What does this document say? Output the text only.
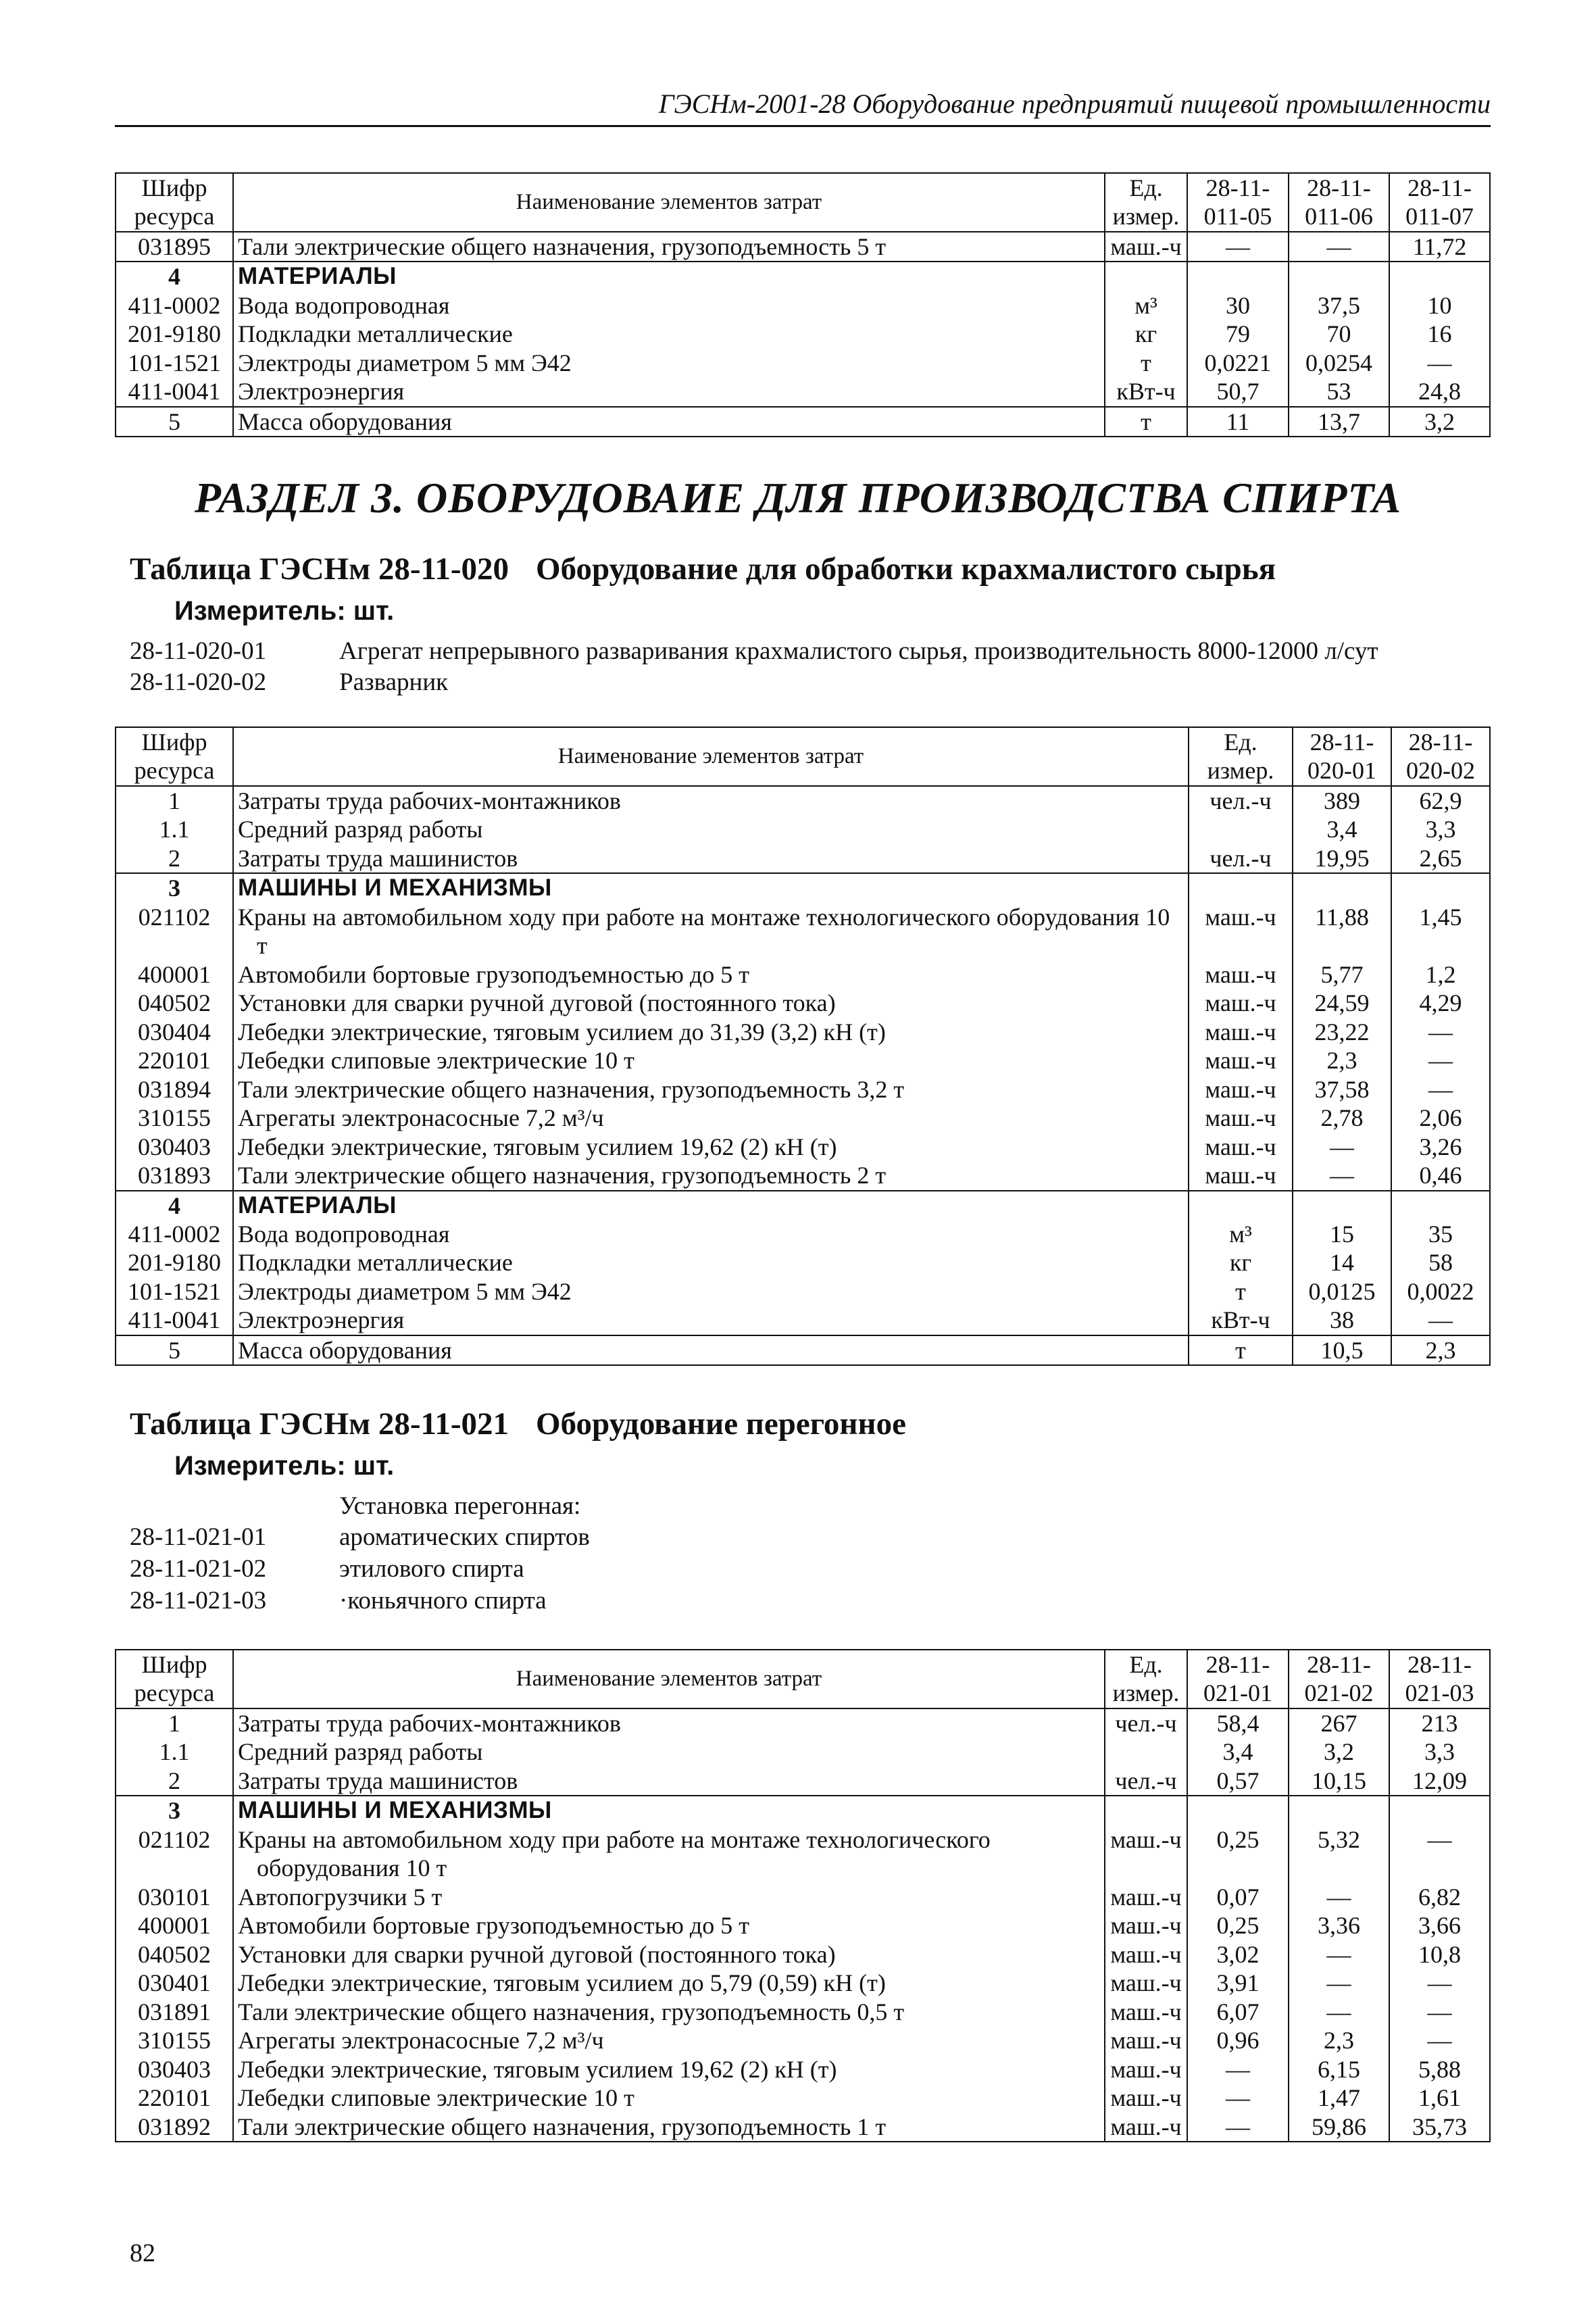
ГЭСНм-2001-28 Оборудование предприятий пищевой промышленности
Шифр ресурса	Наименование элементов затрат	Ед. измер.	28-11-011-05	28-11-011-06	28-11-011-07
031895	Тали электрические общего назначения, грузоподъемность 5 т	маш.-ч	—	—	11,72
4	МАТЕРИАЛЫ				
411-0002	Вода водопроводная	м³	30	37,5	10
201-9180	Подкладки металлические	кг	79	70	16
101-1521	Электроды диаметром 5 мм Э42	т	0,0221	0,0254	—
411-0041	Электроэнергия	кВт-ч	50,7	53	24,8
5	Масса оборудования	т	11	13,7	3,2
РАЗДЕЛ 3. ОБОРУДОВАИЕ ДЛЯ ПРОИЗВОДСТВА СПИРТА
Таблица ГЭСНм 28-11-020 Оборудование для обработки крахмалистого сырья
Измеритель: шт.
28-11-020-01	Агрегат непрерывного разваривания крахмалистого сырья, производительность 8000-12000 л/сут
28-11-020-02	Разварник
Шифр ресурса	Наименование элементов затрат	Ед. измер.	28-11-020-01	28-11-020-02
1	Затраты труда рабочих-монтажников	чел.-ч	389	62,9
1.1	Средний разряд работы		3,4	3,3
2	Затраты труда машинистов	чел.-ч	19,95	2,65
3	МАШИНЫ И МЕХАНИЗМЫ			
021102	Краны на автомобильном ходу при работе на монтаже технологического оборудования 10 т	маш.-ч	11,88	1,45
400001	Автомобили бортовые грузоподъемностью до 5 т	маш.-ч	5,77	1,2
040502	Установки для сварки ручной дуговой (постоянного тока)	маш.-ч	24,59	4,29
030404	Лебедки электрические, тяговым усилием до 31,39 (3,2) кН (т)	маш.-ч	23,22	—
220101	Лебедки слиповые электрические 10 т	маш.-ч	2,3	—
031894	Тали электрические общего назначения, грузоподъемность 3,2 т	маш.-ч	37,58	—
310155	Агрегаты электронасосные 7,2 м³/ч	маш.-ч	2,78	2,06
030403	Лебедки электрические, тяговым усилием 19,62 (2) кН (т)	маш.-ч	—	3,26
031893	Тали электрические общего назначения, грузоподъемность 2 т	маш.-ч	—	0,46
4	МАТЕРИАЛЫ			
411-0002	Вода водопроводная	м³	15	35
201-9180	Подкладки металлические	кг	14	58
101-1521	Электроды диаметром 5 мм Э42	т	0,0125	0,0022
411-0041	Электроэнергия	кВт-ч	38	—
5	Масса оборудования	т	10,5	2,3
Таблица ГЭСНм 28-11-021 Оборудование перегонное
Измеритель: шт.
Установка перегонная:
28-11-021-01	ароматических спиртов
28-11-021-02	этилового спирта
28-11-021-03	·коньячного спирта
Шифр ресурса	Наименование элементов затрат	Ед. измер.	28-11-021-01	28-11-021-02	28-11-021-03
1	Затраты труда рабочих-монтажников	чел.-ч	58,4	267	213
1.1	Средний разряд работы		3,4	3,2	3,3
2	Затраты труда машинистов	чел.-ч	0,57	10,15	12,09
3	МАШИНЫ И МЕХАНИЗМЫ				
021102	Краны на автомобильном ходу при работе на монтаже технологического оборудования 10 т	маш.-ч	0,25	5,32	—
030101	Автопогрузчики 5 т	маш.-ч	0,07	—	6,82
400001	Автомобили бортовые грузоподъемностью до 5 т	маш.-ч	0,25	3,36	3,66
040502	Установки для сварки ручной дуговой (постоянного тока)	маш.-ч	3,02	—	10,8
030401	Лебедки электрические, тяговым усилием до 5,79 (0,59) кН (т)	маш.-ч	3,91	—	—
031891	Тали электрические общего назначения, грузоподъемность 0,5 т	маш.-ч	6,07	—	—
310155	Агрегаты электронасосные 7,2 м³/ч	маш.-ч	0,96	2,3	—
030403	Лебедки электрические, тяговым усилием 19,62 (2) кН (т)	маш.-ч	—	6,15	5,88
220101	Лебедки слиповые электрические 10 т	маш.-ч	—	1,47	1,61
031892	Тали электрические общего назначения, грузоподъемность 1 т	маш.-ч	—	59,86	35,73
82
